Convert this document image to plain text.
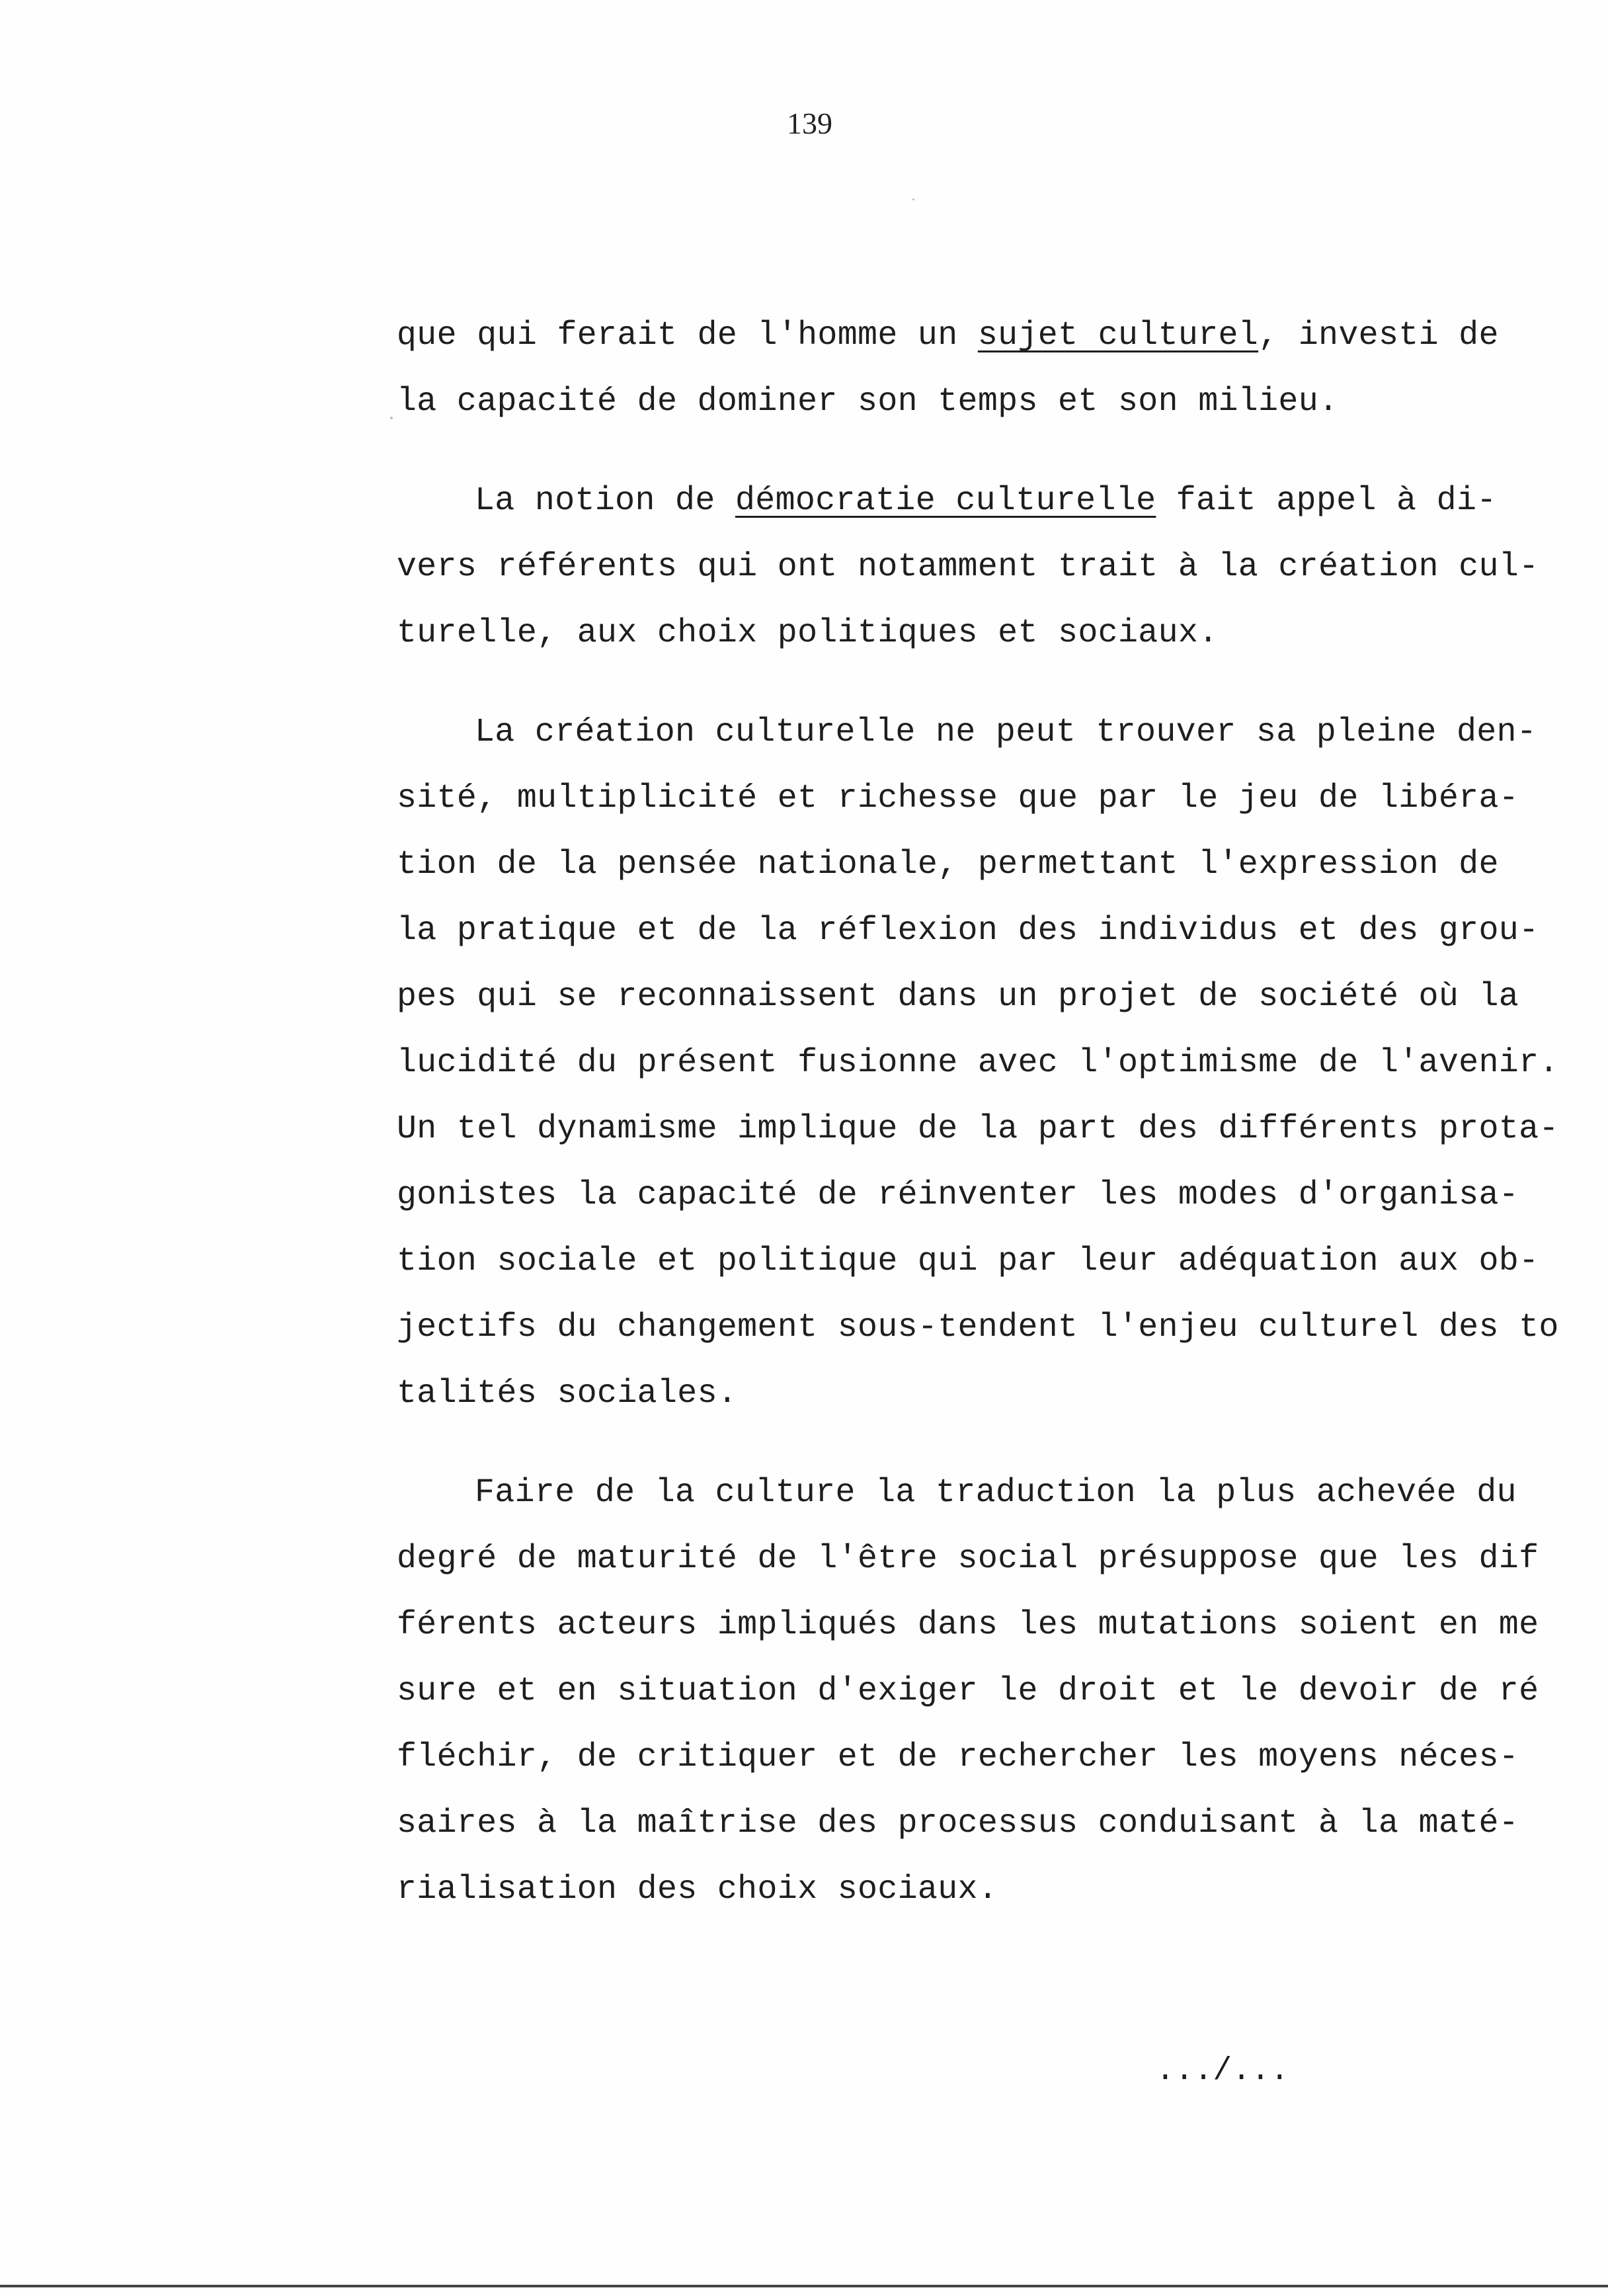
139
que qui ferait de l'homme un sujet culturel, investi de
la capacité de dominer son temps et son milieu.
La notion de démocratie culturelle fait appel à di-
vers référents qui ont notamment trait à la création cul-
turelle, aux choix politiques et sociaux.
La création culturelle ne peut trouver sa pleine den-
sité, multiplicité et richesse que par le jeu de libéra-
tion de la pensée nationale, permettant l'expression de
la pratique et de la réflexion des individus et des grou-
pes qui se reconnaissent dans un projet de société où la
lucidité du présent fusionne avec l'optimisme de l'avenir.
Un tel dynamisme implique de la part des différents prota-
gonistes la capacité de réinventer les modes d'organisa-
tion sociale et politique qui par leur adéquation aux ob-
jectifs du changement sous-tendent l'enjeu culturel des to
talités sociales.
Faire de la culture la traduction la plus achevée du
degré de maturité de l'être social présuppose que les dif
férents acteurs impliqués dans les mutations soient en me
sure et en situation d'exiger le droit et le devoir de ré
fléchir, de critiquer et de rechercher les moyens néces-
saires à la maîtrise des processus conduisant à la maté-
rialisation des choix sociaux.
.../...
